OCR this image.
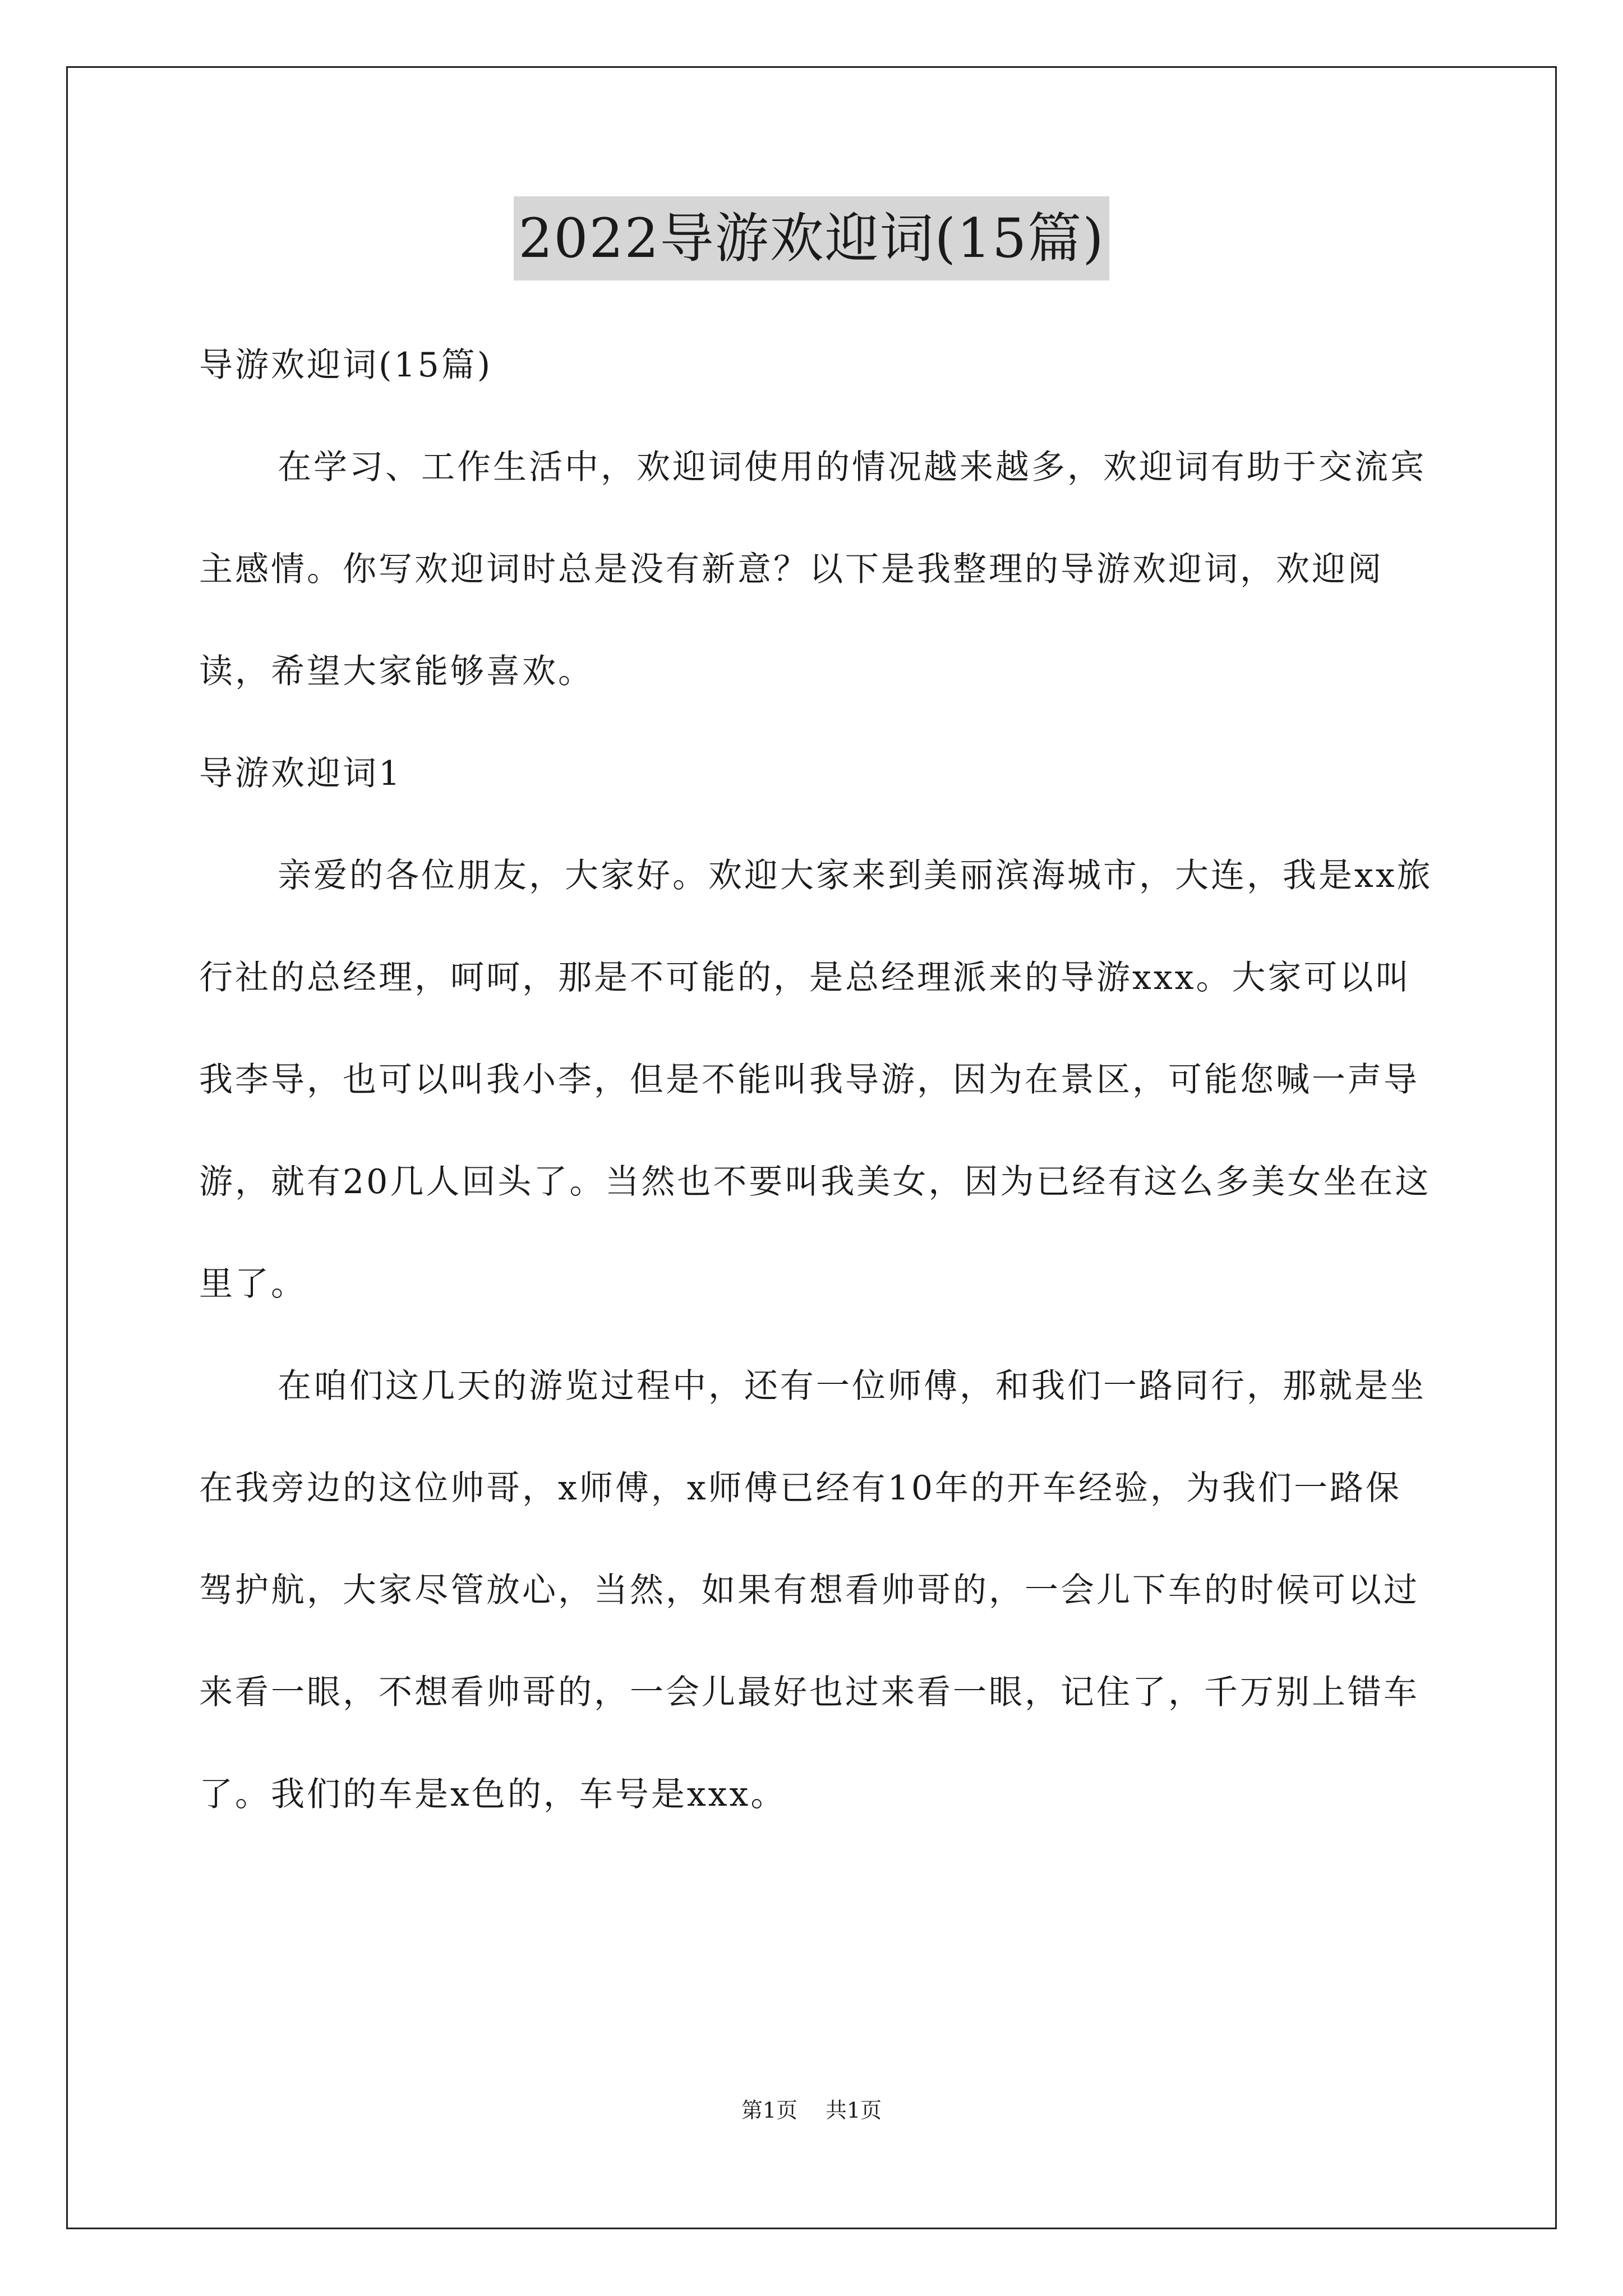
2022导游欢迎词(15篇)

导游欢迎词(15篇)

在学习、工作生活中，欢迎词使用的情况越来越多，欢迎词有助于交流宾主感情。你写欢迎词时总是没有新意？以下是我整理的导游欢迎词，欢迎阅读，希望大家能够喜欢。

导游欢迎词1

亲爱的各位朋友，大家好。欢迎大家来到美丽滨海城市，大连，我是xx旅行社的总经理，呵呵，那是不可能的，是总经理派来的导游xxx。大家可以叫我李导，也可以叫我小李，但是不能叫我导游，因为在景区，可能您喊一声导游，就有20几人回头了。当然也不要叫我美女，因为已经有这么多美女坐在这里了。

在咱们这几天的游览过程中，还有一位师傅，和我们一路同行，那就是坐在我旁边的这位帅哥，x师傅，x师傅已经有10年的开车经验，为我们一路保驾护航，大家尽管放心，当然，如果有想看帅哥的，一会儿下车的时候可以过来看一眼，不想看帅哥的，一会儿最好也过来看一眼，记住了，千万别上错车了。我们的车是x色的，车号是xxx。

第1页 共1页
